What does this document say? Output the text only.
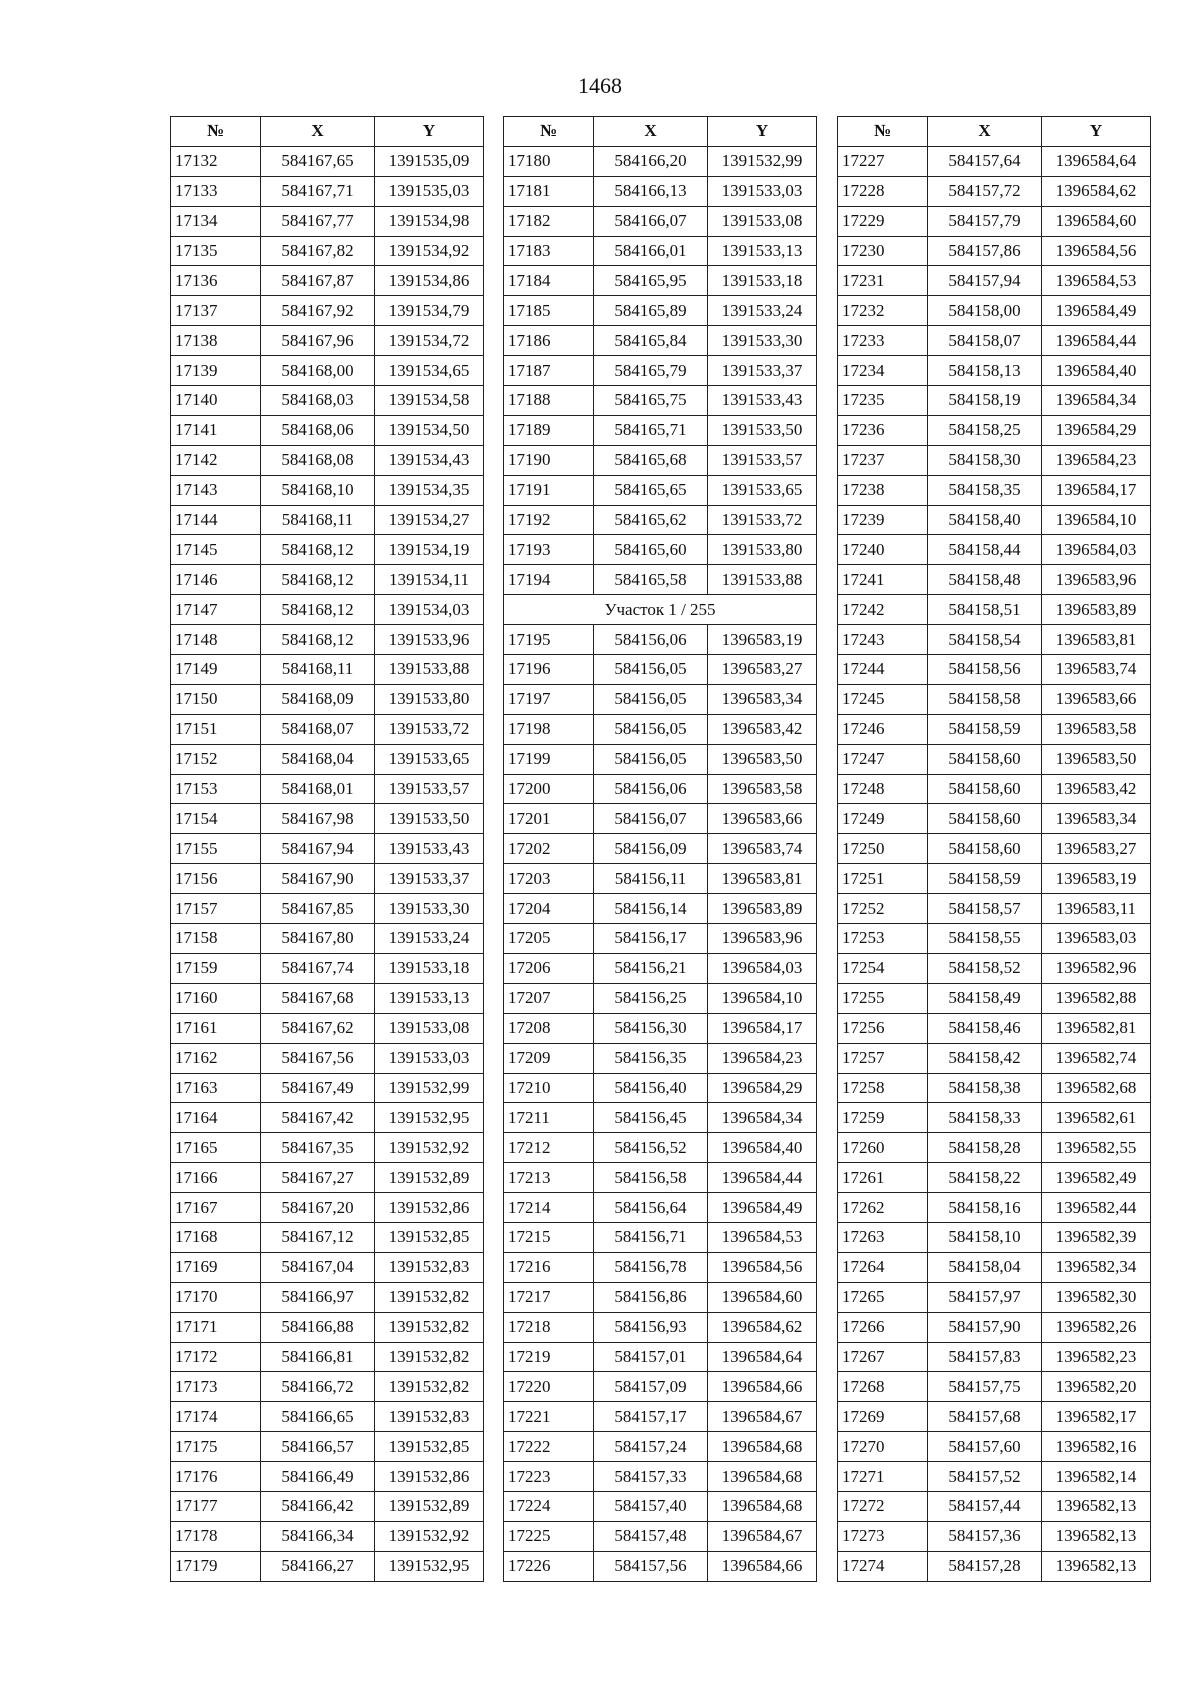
1468
№	X	Y
17132	584167,65	1391535,09
17133	584167,71	1391535,03
17134	584167,77	1391534,98
17135	584167,82	1391534,92
17136	584167,87	1391534,86
17137	584167,92	1391534,79
17138	584167,96	1391534,72
17139	584168,00	1391534,65
17140	584168,03	1391534,58
17141	584168,06	1391534,50
17142	584168,08	1391534,43
17143	584168,10	1391534,35
17144	584168,11	1391534,27
17145	584168,12	1391534,19
17146	584168,12	1391534,11
17147	584168,12	1391534,03
17148	584168,12	1391533,96
17149	584168,11	1391533,88
17150	584168,09	1391533,80
17151	584168,07	1391533,72
17152	584168,04	1391533,65
17153	584168,01	1391533,57
17154	584167,98	1391533,50
17155	584167,94	1391533,43
17156	584167,90	1391533,37
17157	584167,85	1391533,30
17158	584167,80	1391533,24
17159	584167,74	1391533,18
17160	584167,68	1391533,13
17161	584167,62	1391533,08
17162	584167,56	1391533,03
17163	584167,49	1391532,99
17164	584167,42	1391532,95
17165	584167,35	1391532,92
17166	584167,27	1391532,89
17167	584167,20	1391532,86
17168	584167,12	1391532,85
17169	584167,04	1391532,83
17170	584166,97	1391532,82
17171	584166,88	1391532,82
17172	584166,81	1391532,82
17173	584166,72	1391532,82
17174	584166,65	1391532,83
17175	584166,57	1391532,85
17176	584166,49	1391532,86
17177	584166,42	1391532,89
17178	584166,34	1391532,92
17179	584166,27	1391532,95
№	X	Y
17180	584166,20	1391532,99
17181	584166,13	1391533,03
17182	584166,07	1391533,08
17183	584166,01	1391533,13
17184	584165,95	1391533,18
17185	584165,89	1391533,24
17186	584165,84	1391533,30
17187	584165,79	1391533,37
17188	584165,75	1391533,43
17189	584165,71	1391533,50
17190	584165,68	1391533,57
17191	584165,65	1391533,65
17192	584165,62	1391533,72
17193	584165,60	1391533,80
17194	584165,58	1391533,88
Участок 1 / 255		
17195	584156,06	1396583,19
17196	584156,05	1396583,27
17197	584156,05	1396583,34
17198	584156,05	1396583,42
17199	584156,05	1396583,50
17200	584156,06	1396583,58
17201	584156,07	1396583,66
17202	584156,09	1396583,74
17203	584156,11	1396583,81
17204	584156,14	1396583,89
17205	584156,17	1396583,96
17206	584156,21	1396584,03
17207	584156,25	1396584,10
17208	584156,30	1396584,17
17209	584156,35	1396584,23
17210	584156,40	1396584,29
17211	584156,45	1396584,34
17212	584156,52	1396584,40
17213	584156,58	1396584,44
17214	584156,64	1396584,49
17215	584156,71	1396584,53
17216	584156,78	1396584,56
17217	584156,86	1396584,60
17218	584156,93	1396584,62
17219	584157,01	1396584,64
17220	584157,09	1396584,66
17221	584157,17	1396584,67
17222	584157,24	1396584,68
17223	584157,33	1396584,68
17224	584157,40	1396584,68
17225	584157,48	1396584,67
17226	584157,56	1396584,66
№	X	Y
17227	584157,64	1396584,64
17228	584157,72	1396584,62
17229	584157,79	1396584,60
17230	584157,86	1396584,56
17231	584157,94	1396584,53
17232	584158,00	1396584,49
17233	584158,07	1396584,44
17234	584158,13	1396584,40
17235	584158,19	1396584,34
17236	584158,25	1396584,29
17237	584158,30	1396584,23
17238	584158,35	1396584,17
17239	584158,40	1396584,10
17240	584158,44	1396584,03
17241	584158,48	1396583,96
17242	584158,51	1396583,89
17243	584158,54	1396583,81
17244	584158,56	1396583,74
17245	584158,58	1396583,66
17246	584158,59	1396583,58
17247	584158,60	1396583,50
17248	584158,60	1396583,42
17249	584158,60	1396583,34
17250	584158,60	1396583,27
17251	584158,59	1396583,19
17252	584158,57	1396583,11
17253	584158,55	1396583,03
17254	584158,52	1396582,96
17255	584158,49	1396582,88
17256	584158,46	1396582,81
17257	584158,42	1396582,74
17258	584158,38	1396582,68
17259	584158,33	1396582,61
17260	584158,28	1396582,55
17261	584158,22	1396582,49
17262	584158,16	1396582,44
17263	584158,10	1396582,39
17264	584158,04	1396582,34
17265	584157,97	1396582,30
17266	584157,90	1396582,26
17267	584157,83	1396582,23
17268	584157,75	1396582,20
17269	584157,68	1396582,17
17270	584157,60	1396582,16
17271	584157,52	1396582,14
17272	584157,44	1396582,13
17273	584157,36	1396582,13
17274	584157,28	1396582,13
